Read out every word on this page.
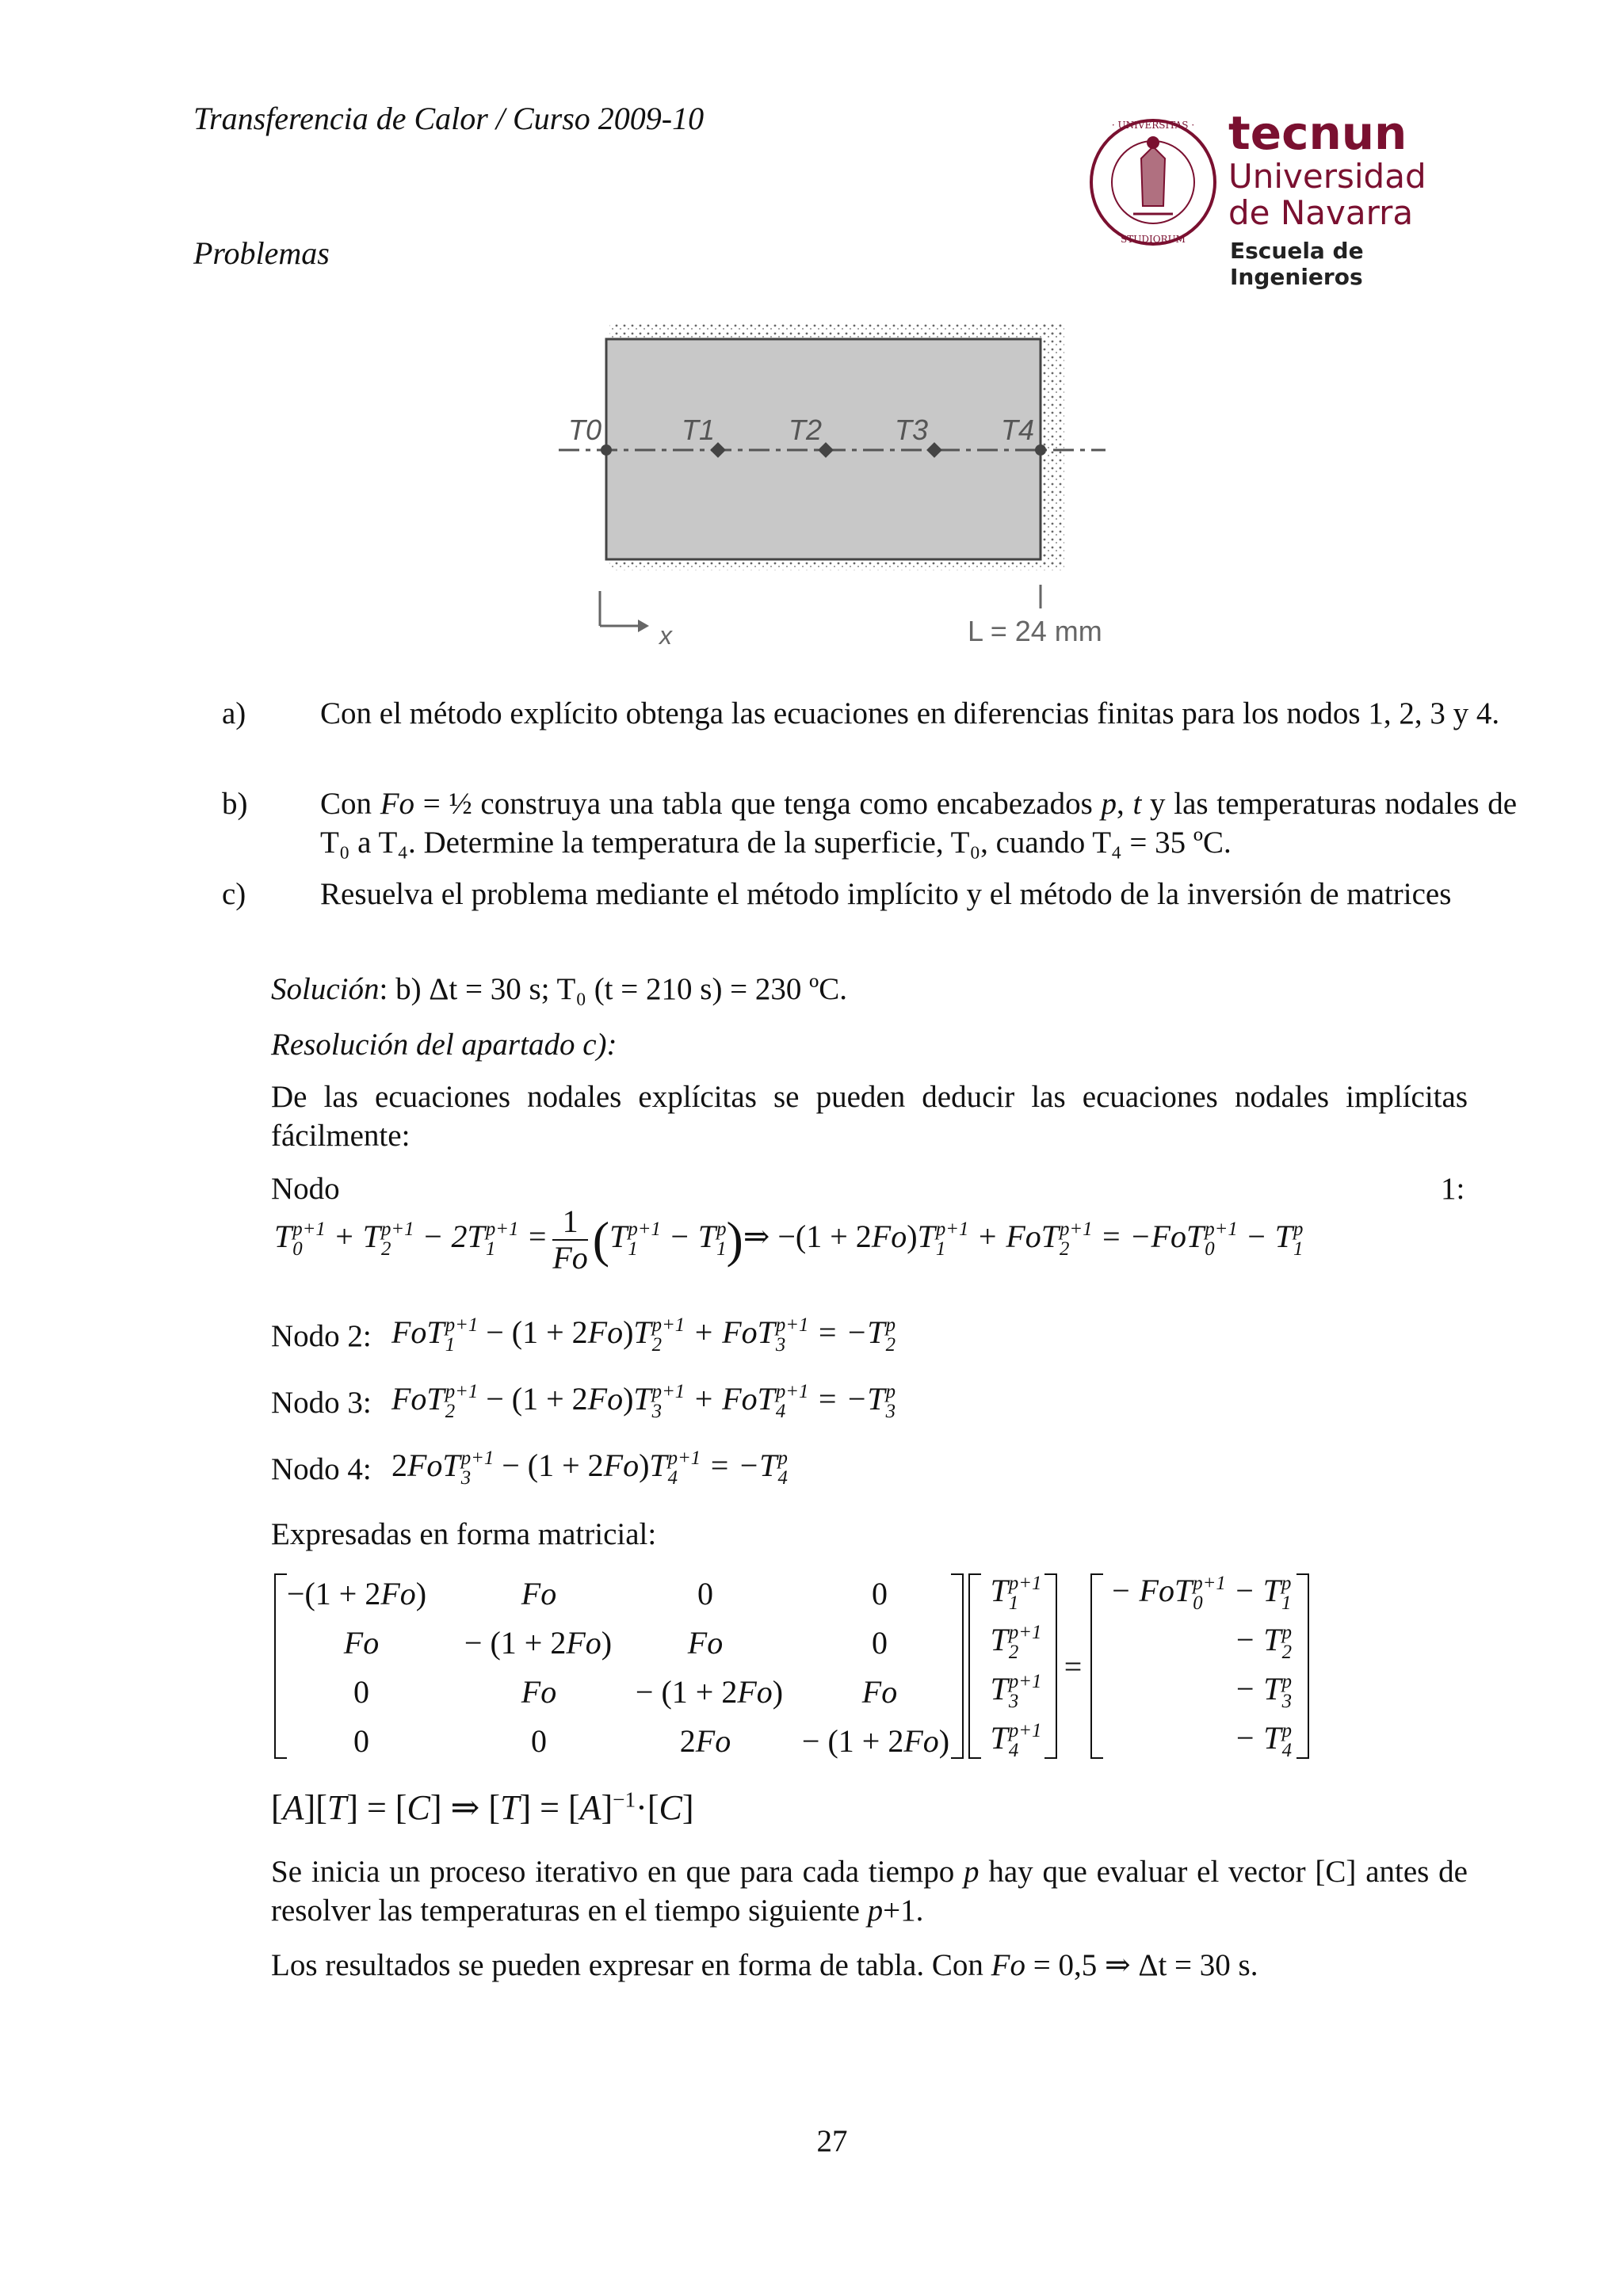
Transferencia de Calor / Curso 2009-10
Problemas
· UNIVERSITAS ·
STUDIORUM
tecnun
Universidad
de Navarra
Escuela de Ingenieros
T0	T1	T2	T3	T4
x	L = 24 mm
a) Con el método explícito obtenga las ecuaciones en diferencias finitas para los nodos 1, 2, 3 y 4.
b) Con Fo = ½ construya una tabla que tenga como encabezados p, t y las temperaturas nodales de T₀ a T₄. Determine la temperatura de la superficie, T₀, cuando T₄ = 35 ºC.
c) Resuelva el problema mediante el método implícito y el método de la inversión de matrices
Solución: b) Δt = 30 s; T₀ (t = 210 s) = 230 ºC.
Resolución del apartado c):
De las ecuaciones nodales explícitas se pueden deducir las ecuaciones nodales implícitas fácilmente:
Nodo	1:
T p+1
0 + T p+1
2 − 2T p+1
$1 = \frac{1}{Fo} (T$ p+1
1 − T p
1 )⇒ −(1 + 2Fo)T p+1
1 + FoT p+1
2 = −FoT p+1
0 − T p
1
Nodo 2: FoT p+1
1 − (1 + 2Fo)T p+1
2 + FoT p+1
3 = −T p
2
Nodo 3: FoT p+1
2 − (1 + 2Fo)T p+1
3 + FoT p+1
4 = −T p
3
Nodo 4: 2FoT p+1
3 − (1 + 2Fo)T p+1
4 = −T p
4
Expresadas en forma matricial:
−(1 + 2Fo)	Fo	0	0
Fo	− (1 + 2Fo)	Fo	0
0	Fo	− (1 + 2Fo)	Fo
0	0	2Fo	− (1 + 2Fo)
T p+1
1
T p+1
2
T p+1
3
T p+1
4
=
− FoT p+1
0 − T p
1
− T p
2
− T p
3
− T p
4
[A][T] = [C] ⇒ $[T] = [A]^{-1}\cdot[C]$
Se inicia un proceso iterativo en que para cada tiempo p hay que evaluar el vector [C] antes de resolver las temperaturas en el tiempo siguiente p+1.
Los resultados se pueden expresar en forma de tabla. Con Fo = 0,5 ⇒ Δt = 30 s.
27
